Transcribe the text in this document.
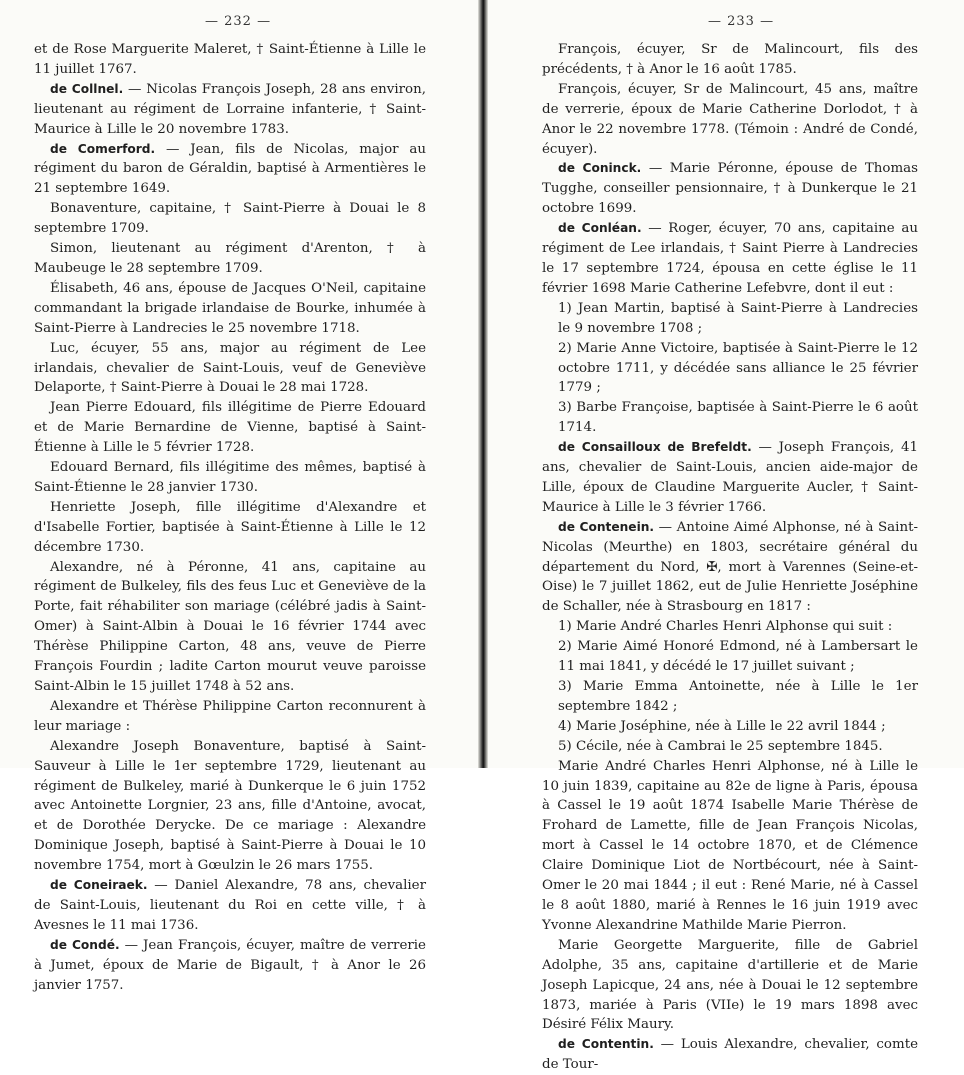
— 232 —

et de Rose Marguerite Maleret, † Saint-Étienne à Lille le 11 juillet 1767.

de Collnel. — Nicolas François Joseph, 28 ans environ, lieutenant au régiment de Lorraine infanterie, † Saint-Maurice à Lille le 20 novembre 1783.

de Comerford. — Jean, fils de Nicolas, major au régiment du baron de Géraldin, baptisé à Armentières le 21 septembre 1649.

Bonaventure, capitaine, † Saint-Pierre à Douai le 8 septembre 1709.

Simon, lieutenant au régiment d'Arenton, † à Maubeuge le 28 septembre 1709.

Élisabeth, 46 ans, épouse de Jacques O'Neil, capitaine commandant la brigade irlandaise de Bourke, inhumée à Saint-Pierre à Landrecies le 25 novembre 1718.

Luc, écuyer, 55 ans, major au régiment de Lee irlandais, chevalier de Saint-Louis, veuf de Geneviève Delaporte, † Saint-Pierre à Douai le 28 mai 1728.

Jean Pierre Edouard, fils illégitime de Pierre Edouard et de Marie Bernardine de Vienne, baptisé à Saint-Étienne à Lille le 5 février 1728.

Edouard Bernard, fils illégitime des mêmes, baptisé à Saint-Étienne le 28 janvier 1730.

Henriette Joseph, fille illégitime d'Alexandre et d'Isabelle Fortier, baptisée à Saint-Étienne à Lille le 12 décembre 1730.

Alexandre, né à Péronne, 41 ans, capitaine au régiment de Bulkeley, fils des feus Luc et Geneviève de la Porte, fait réhabiliter son mariage (célébré jadis à Saint-Omer) à Saint-Albin à Douai le 16 février 1744 avec Thérèse Philippine Carton, 48 ans, veuve de Pierre François Fourdin ; ladite Carton mourut veuve paroisse Saint-Albin le 15 juillet 1748 à 52 ans.

Alexandre et Thérèse Philippine Carton reconnurent à leur mariage :

Alexandre Joseph Bonaventure, baptisé à Saint-Sauveur à Lille le 1er septembre 1729, lieutenant au régiment de Bulkeley, marié à Dunkerque le 6 juin 1752 avec Antoinette Lorgnier, 23 ans, fille d'Antoine, avocat, et de Dorothée Derycke. De ce mariage : Alexandre Dominique Joseph, baptisé à Saint-Pierre à Douai le 10 novembre 1754, mort à Gœulzin le 26 mars 1755.

de Coneiraek. — Daniel Alexandre, 78 ans, chevalier de Saint-Louis, lieutenant du Roi en cette ville, † à Avesnes le 11 mai 1736.

de Condé. — Jean François, écuyer, maître de verrerie à Jumet, époux de Marie de Bigault, † à Anor le 26 janvier 1757.

— 233 —

François, écuyer, Sr de Malincourt, fils des précédents, † à Anor le 16 août 1785.

François, écuyer, Sr de Malincourt, 45 ans, maître de verrerie, époux de Marie Catherine Dorlodot, † à Anor le 22 novembre 1778. (Témoin : André de Condé, écuyer).

de Coninck. — Marie Péronne, épouse de Thomas Tugghe, conseiller pensionnaire, † à Dunkerque le 21 octobre 1699.

de Conléan. — Roger, écuyer, 70 ans, capitaine au régiment de Lee irlandais, † Saint Pierre à Landrecies le 17 septembre 1724, épousa en cette église le 11 février 1698 Marie Catherine Lefebvre, dont il eut :

1) Jean Martin, baptisé à Saint-Pierre à Landrecies le 9 novembre 1708 ;

2) Marie Anne Victoire, baptisée à Saint-Pierre le 12 octobre 1711, y décédée sans alliance le 25 février 1779 ;

3) Barbe Françoise, baptisée à Saint-Pierre le 6 août 1714.

de Consailloux de Brefeldt. — Joseph François, 41 ans, chevalier de Saint-Louis, ancien aide-major de Lille, époux de Claudine Marguerite Aucler, † Saint-Maurice à Lille le 3 février 1766.

de Contenein. — Antoine Aimé Alphonse, né à Saint-Nicolas (Meurthe) en 1803, secrétaire général du département du Nord, ✠, mort à Varennes (Seine-et-Oise) le 7 juillet 1862, eut de Julie Henriette Joséphine de Schaller, née à Strasbourg en 1817 :

1) Marie André Charles Henri Alphonse qui suit :

2) Marie Aimé Honoré Edmond, né à Lambersart le 11 mai 1841, y décédé le 17 juillet suivant ;

3) Marie Emma Antoinette, née à Lille le 1er septembre 1842 ;

4) Marie Joséphine, née à Lille le 22 avril 1844 ;

5) Cécile, née à Cambrai le 25 septembre 1845.

Marie André Charles Henri Alphonse, né à Lille le 10 juin 1839, capitaine au 82e de ligne à Paris, épousa à Cassel le 19 août 1874 Isabelle Marie Thérèse de Frohard de Lamette, fille de Jean François Nicolas, mort à Cassel le 14 octobre 1870, et de Clémence Claire Dominique Liot de Nortbécourt, née à Saint-Omer le 20 mai 1844 ; il eut : René Marie, né à Cassel le 8 août 1880, marié à Rennes le 16 juin 1919 avec Yvonne Alexandrine Mathilde Marie Pierron.

Marie Georgette Marguerite, fille de Gabriel Adolphe, 35 ans, capitaine d'artillerie et de Marie Joseph Lapicque, 24 ans, née à Douai le 12 septembre 1873, mariée à Paris (VIIe) le 19 mars 1898 avec Désiré Félix Maury.

de Contentin. — Louis Alexandre, chevalier, comte de Tour-
